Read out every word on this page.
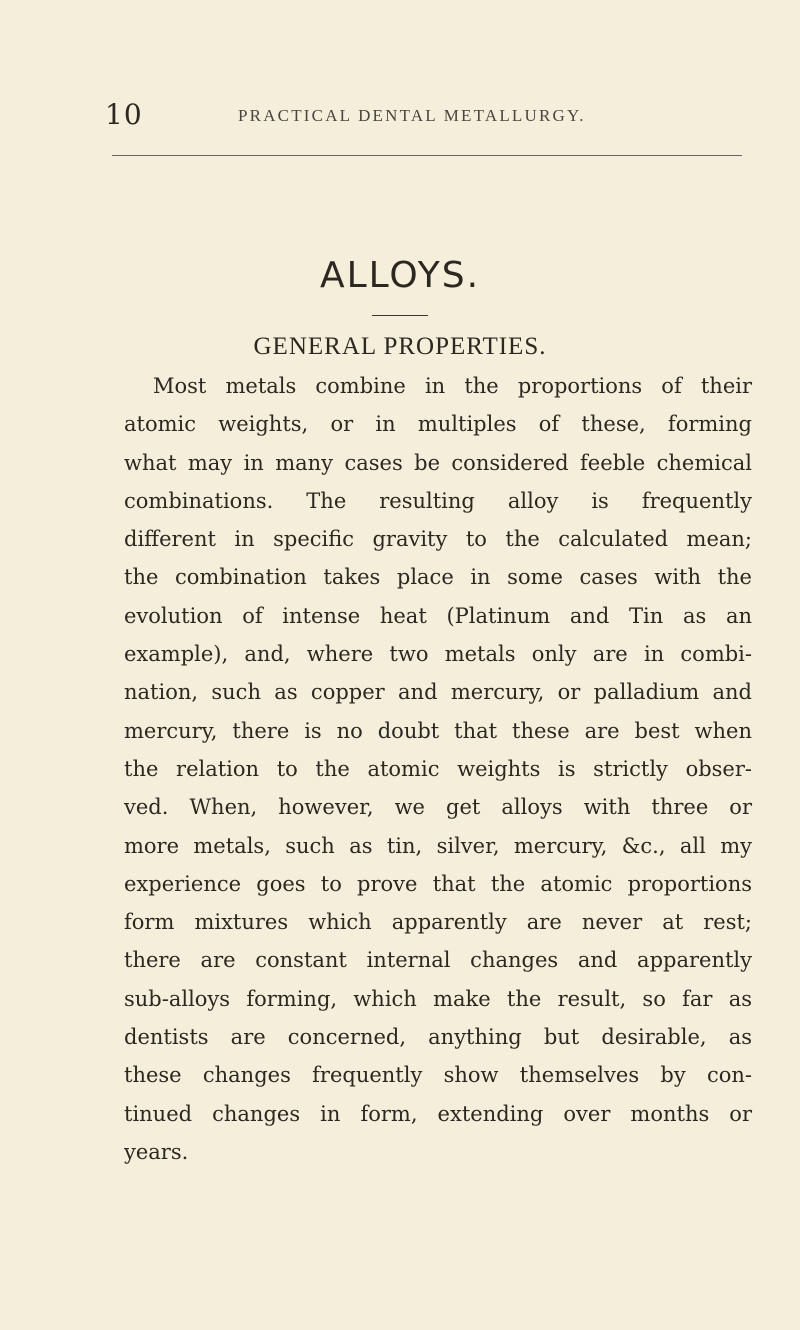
10	PRACTICAL DENTAL METALLURGY.
ALLOYS.
GENERAL PROPERTIES.
Most metals combine in the proportions of their
atomic weights, or in multiples of these, forming
what may in many cases be considered feeble chemical
combinations. The resulting alloy is frequently
different in specific gravity to the calculated mean;
the combination takes place in some cases with the
evolution of intense heat (Platinum and Tin as an
example), and, where two metals only are in combi-
nation, such as copper and mercury, or palladium and
mercury, there is no doubt that these are best when
the relation to the atomic weights is strictly obser-
ved. When, however, we get alloys with three or
more metals, such as tin, silver, mercury, &c., all my
experience goes to prove that the atomic proportions
form mixtures which apparently are never at rest;
there are constant internal changes and apparently
sub-alloys forming, which make the result, so far as
dentists are concerned, anything but desirable, as
these changes frequently show themselves by con-
tinued changes in form, extending over months or
years.
